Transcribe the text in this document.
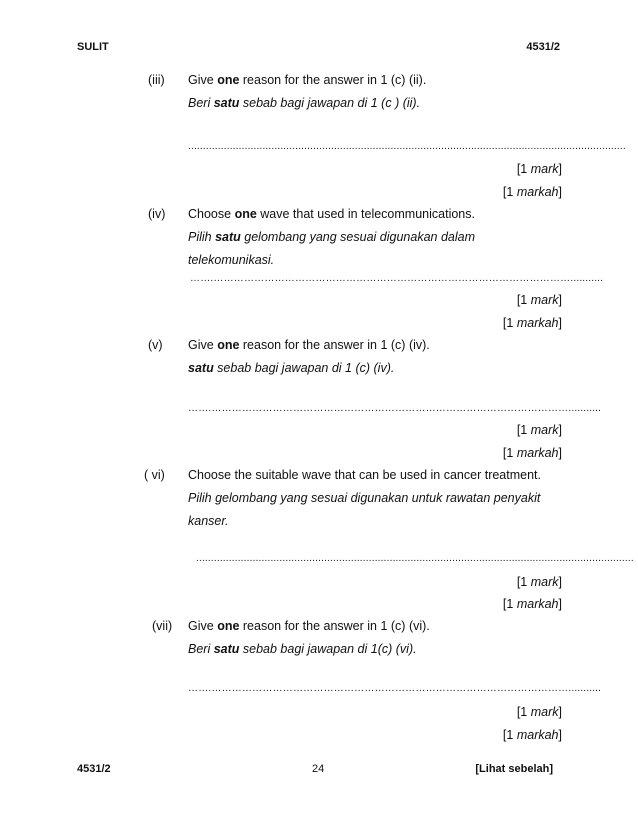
SULIT	4531/2
(iii) Give one reason for the answer in 1 (c) (ii).
Beri satu sebab bagi jawapan di 1 (c ) (ii).
...................................................................................................................................................
[1 mark]
[1 markah]
(iv) Choose one wave that used in telecommunications.
Pilih satu gelombang yang sesuai digunakan dalam
telekomunikasi.
…….……………………………………………………………………………………………...........
[1 mark]
[1 markah]
(v) Give one reason for the answer in 1 (c) (iv).
satu sebab bagi jawapan di 1 (c) (iv).
…….……………………………………………………………………………………………...........
[1 mark]
[1 markah]
( vi) Choose the suitable wave that can be used in cancer treatment.
Pilih gelombang yang sesuai digunakan untuk rawatan penyakit
kanser.
...................................................................................................................................................
[1 mark]
[1 markah]
(vii) Give one reason for the answer in 1 (c) (vi).
Beri satu sebab bagi jawapan di 1(c) (vi).
…….……………………………………………………………………………………………...........
[1 mark]
[1 markah]
4531/2	24	[Lihat sebelah]
